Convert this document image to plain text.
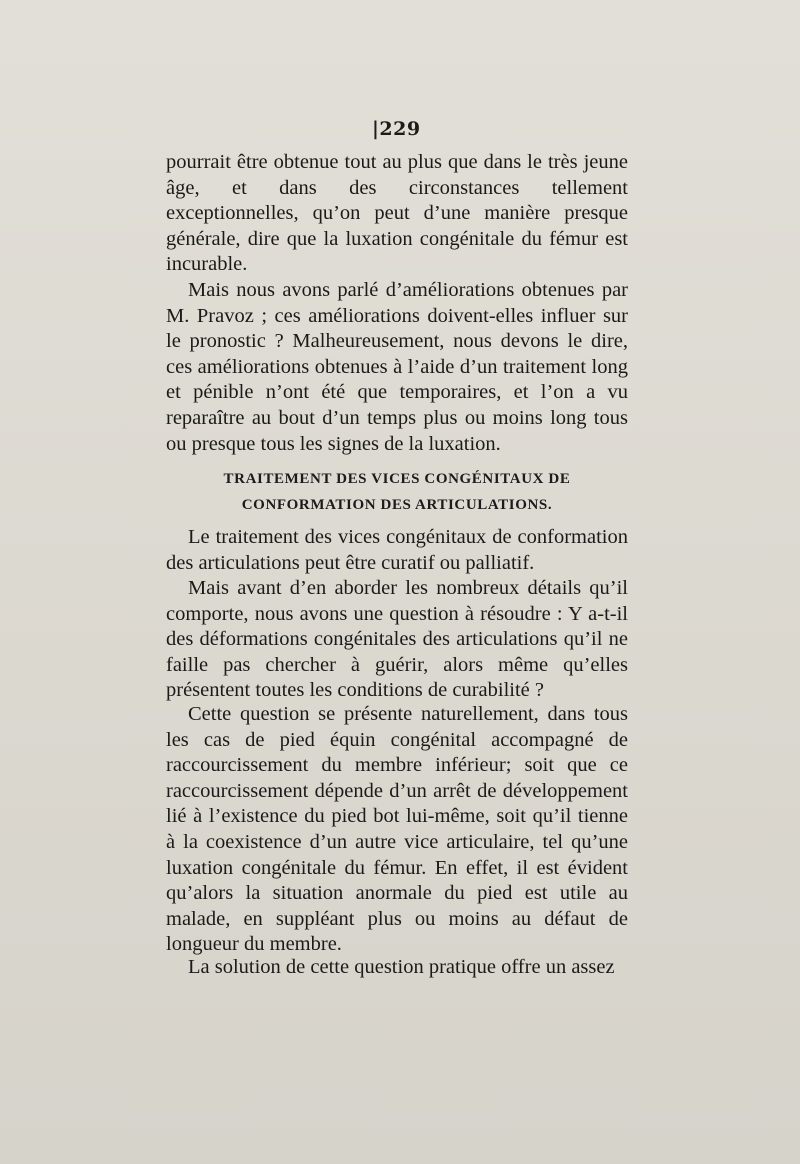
|229

pourrait être obtenue tout au plus que dans le très jeune âge, et dans des circonstances tellement exceptionnelles, qu’on peut d’une manière presque générale, dire que la luxation congénitale du fémur est incurable.

Mais nous avons parlé d’améliorations obtenues par M. Pravoz ; ces améliorations doivent-elles influer sur le pronostic ? Malheureusement, nous devons le dire, ces améliorations obtenues à l’aide d’un traitement long et pénible n’ont été que temporaires, et l’on a vu reparaître au bout d’un temps plus ou moins long tous ou presque tous les signes de la luxation.

TRAITEMENT DES VICES CONGÉNITAUX DE CONFORMATION DES ARTICULATIONS.

Le traitement des vices congénitaux de conformation des articulations peut être curatif ou palliatif.

Mais avant d’en aborder les nombreux détails qu’il comporte, nous avons une question à résoudre : Y a-t-il des déformations congénitales des articulations qu’il ne faille pas chercher à guérir, alors même qu’elles présentent toutes les conditions de curabilité ?

Cette question se présente naturellement, dans tous les cas de pied équin congénital accompagné de raccourcissement du membre inférieur; soit que ce raccourcissement dépende d’un arrêt de développement lié à l’existence du pied bot lui-même, soit qu’il tienne à la coexistence d’un autre vice articulaire, tel qu’une luxation congénitale du fémur. En effet, il est évident qu’alors la situation anormale du pied est utile au malade, en suppléant plus ou moins au défaut de longueur du membre.

La solution de cette question pratique offre un assez
